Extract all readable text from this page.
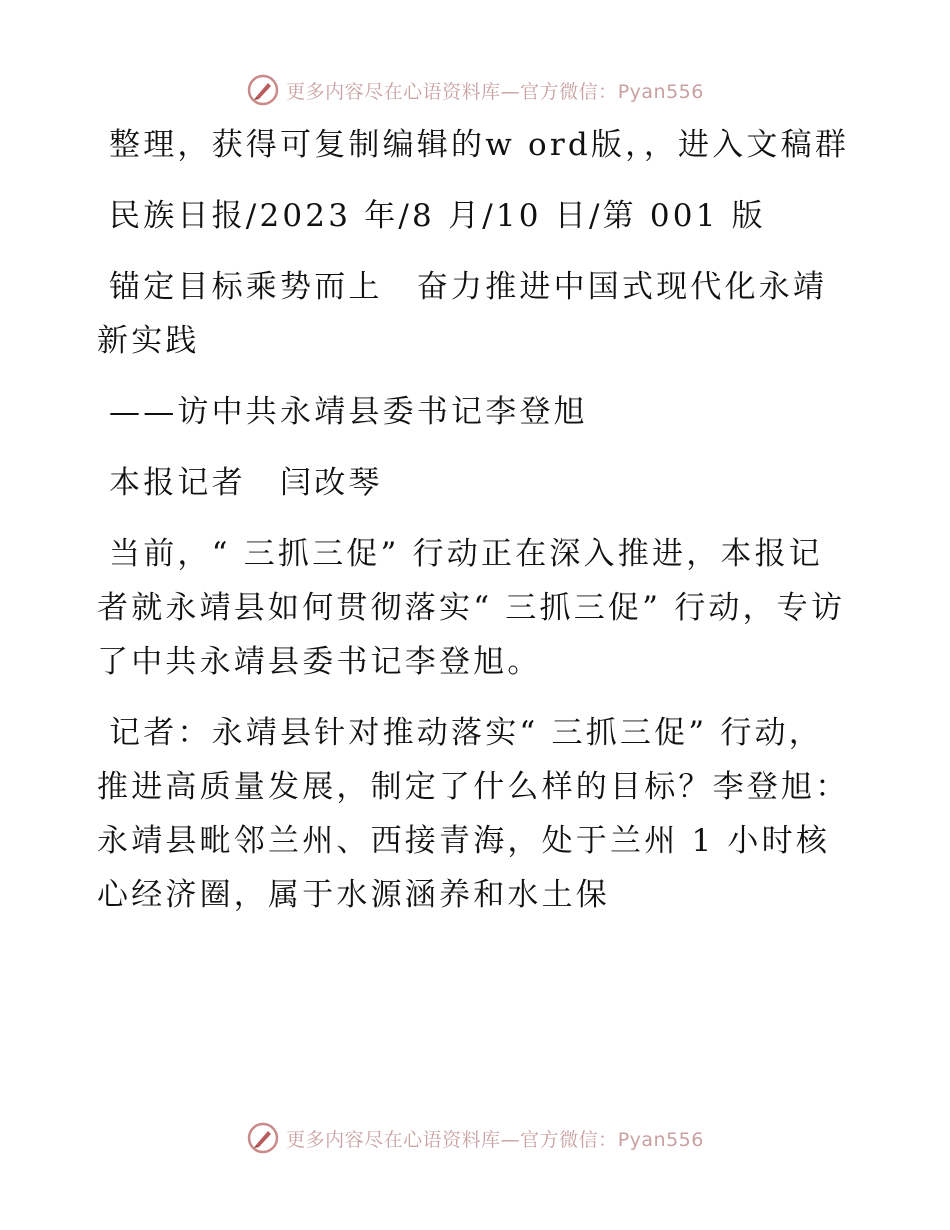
更多内容尽在心语资料库—官方微信：Pyan556

整理，获得可复制编辑的w ord版，，进入文稿群

民族日报/2023 年/8 月/10 日/第 001 版

锚定目标乘势而上　奋力推进中国式现代化永靖新实践

——访中共永靖县委书记李登旭

本报记者　闫改琴

当前，“ 三抓三促” 行动正在深入推进，本报记者就永靖县如何贯彻落实“ 三抓三促” 行动，专访了中共永靖县委书记李登旭。

记者：永靖县针对推动落实“ 三抓三促” 行动，推进高质量发展，制定了什么样的目标？李登旭：永靖县毗邻兰州、西接青海，处于兰州 1 小时核心经济圈，属于水源涵养和水土保

更多内容尽在心语资料库—官方微信：Pyan556
